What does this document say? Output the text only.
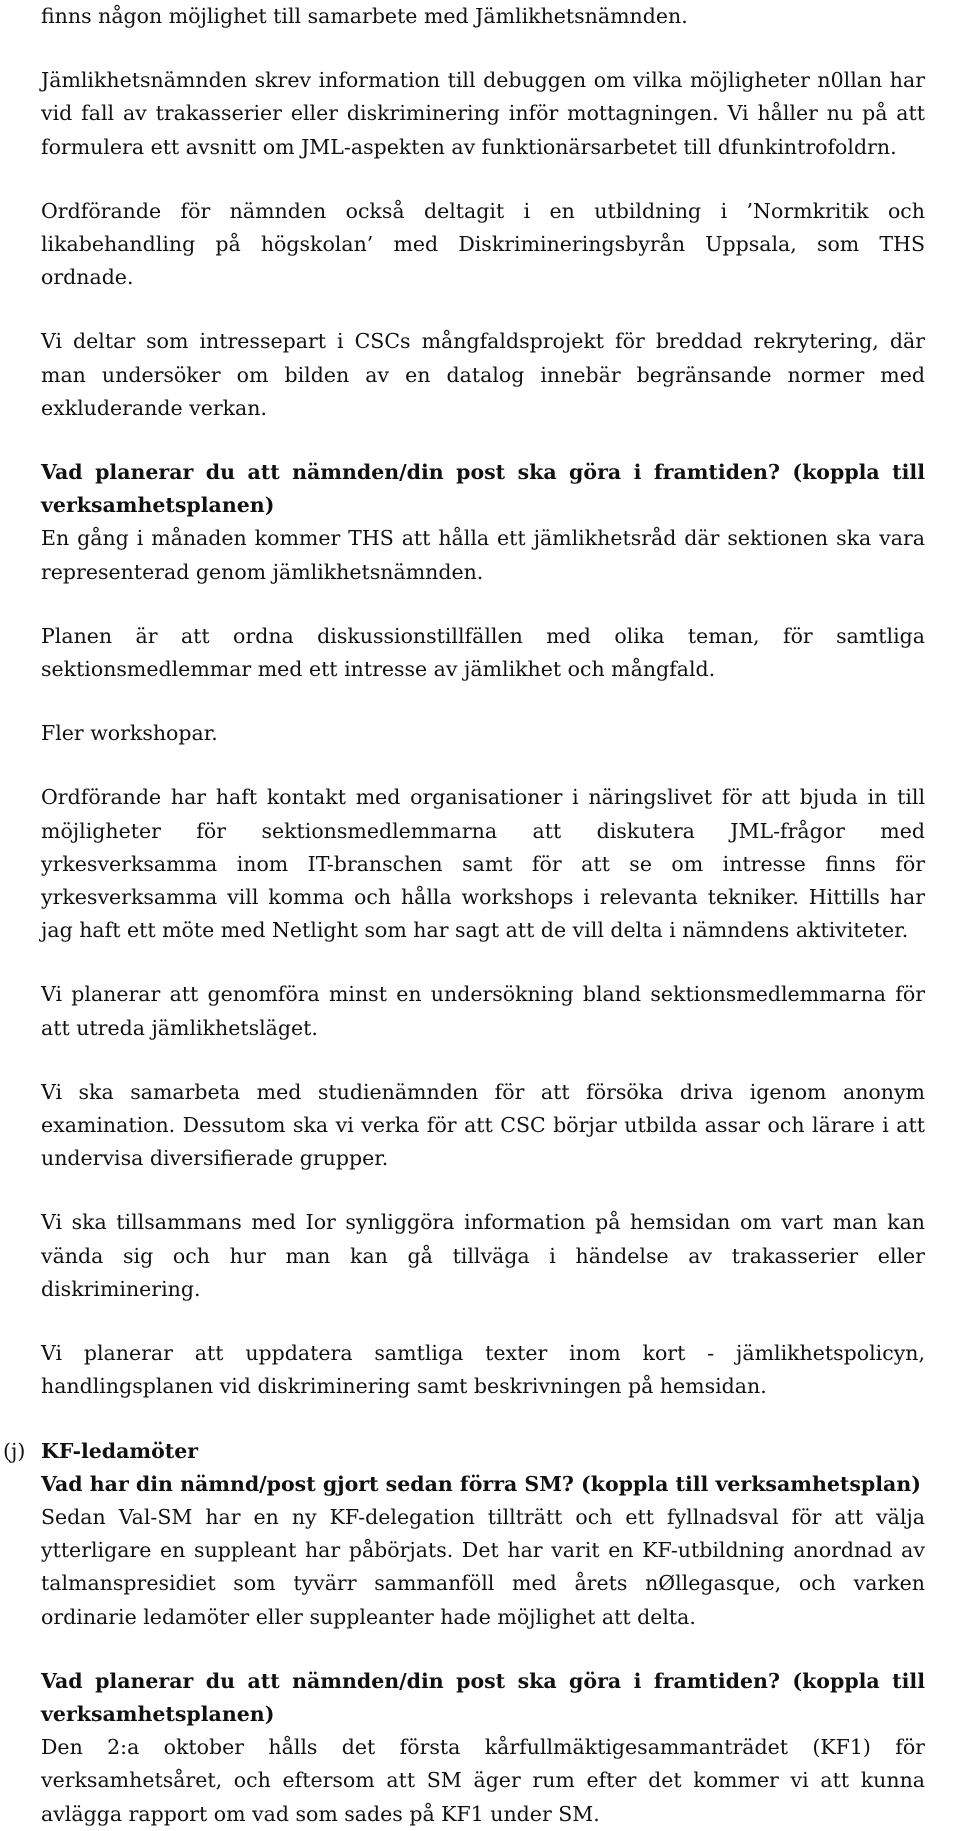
finns någon möjlighet till samarbete med Jämlikhetsnämnden.

Jämlikhetsnämnden skrev information till debuggen om vilka möjligheter n0llan har vid fall av trakasserier eller diskriminering inför mottagningen. Vi håller nu på att formulera ett avsnitt om JML-aspekten av funktionärsarbetet till dfunkintrofoldrn.

Ordförande för nämnden också deltagit i en utbildning i ’Normkritik och likabehandling på högskolan’ med Diskrimineringsbyrån Uppsala, som THS ordnade.

Vi deltar som intressepart i CSCs mångfaldsprojekt för breddad rekrytering, där man undersöker om bilden av en datalog innebär begränsande normer med exkluderande verkan.

Vad planerar du att nämnden/din post ska göra i framtiden? (koppla till verksamhetsplanen)

En gång i månaden kommer THS att hålla ett jämlikhetsråd där sektionen ska vara representerad genom jämlikhetsnämnden.

Planen är att ordna diskussionstillfällen med olika teman, för samtliga sektionsmedlemmar med ett intresse av jämlikhet och mångfald.

Fler workshopar.

Ordförande har haft kontakt med organisationer i näringslivet för att bjuda in till möjligheter för sektionsmedlemmarna att diskutera JML-frågor med yrkesverksamma inom IT-branschen samt för att se om intresse finns för yrkesverksamma vill komma och hålla workshops i relevanta tekniker. Hittills har jag haft ett möte med Netlight som har sagt att de vill delta i nämndens aktiviteter.

Vi planerar att genomföra minst en undersökning bland sektionsmedlemmarna för att utreda jämlikhetsläget.

Vi ska samarbeta med studienämnden för att försöka driva igenom anonym examination. Dessutom ska vi verka för att CSC börjar utbilda assar och lärare i att undervisa diversifierade grupper.

Vi ska tillsammans med Ior synliggöra information på hemsidan om vart man kan vända sig och hur man kan gå tillväga i händelse av trakasserier eller diskriminering.

Vi planerar att uppdatera samtliga texter inom kort - jämlikhetspolicyn, handlingsplanen vid diskriminering samt beskrivningen på hemsidan.

(j) KF-ledamöter

Vad har din nämnd/post gjort sedan förra SM? (koppla till verksamhetsplan)

Sedan Val-SM har en ny KF-delegation tillträtt och ett fyllnadsval för att välja ytterligare en suppleant har påbörjats. Det har varit en KF-utbildning anordnad av talmanspresidiet som tyvärr sammanföll med årets nØllegasque, och varken ordinarie ledamöter eller suppleanter hade möjlighet att delta.

Vad planerar du att nämnden/din post ska göra i framtiden? (koppla till verksamhetsplanen)

Den 2:a oktober hålls det första kårfullmäktigesammanträdet (KF1) för verksamhetsåret, och eftersom att SM äger rum efter det kommer vi att kunna avlägga rapport om vad som sades på KF1 under SM.
